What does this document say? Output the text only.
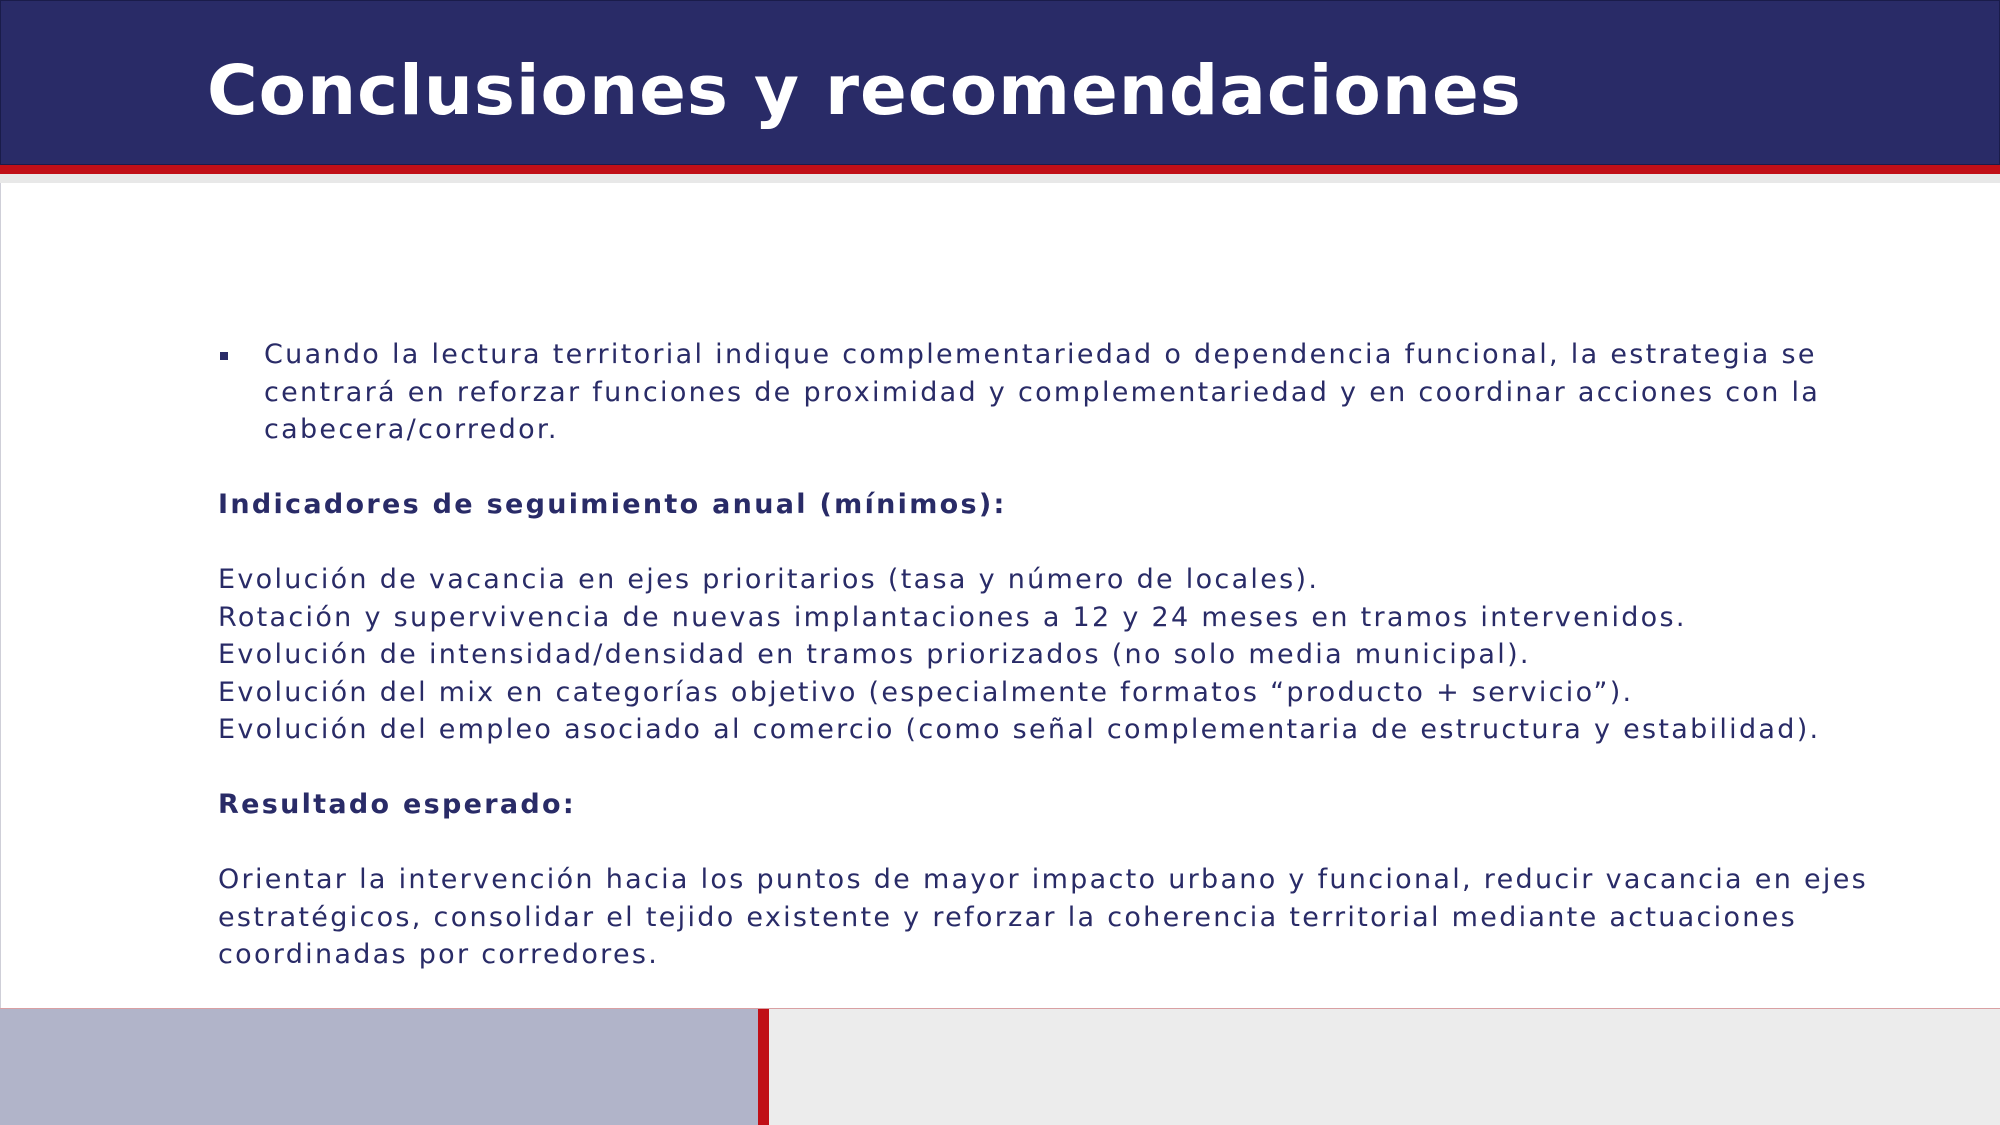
Conclusiones y recomendaciones
Cuando la lectura territorial indique complementariedad o dependencia funcional, la estrategia se centrará en reforzar funciones de proximidad y complementariedad y en coordinar acciones con la cabecera/corredor.

Indicadores de seguimiento anual (mínimos):

Evolución de vacancia en ejes prioritarios (tasa y número de locales).

Rotación y supervivencia de nuevas implantaciones a 12 y 24 meses en tramos intervenidos.

Evolución de intensidad/densidad en tramos priorizados (no solo media municipal).

Evolución del mix en categorías objetivo (especialmente formatos “producto + servicio”).

Evolución del empleo asociado al comercio (como señal complementaria de estructura y estabilidad).

Resultado esperado:

Orientar la intervención hacia los puntos de mayor impacto urbano y funcional, reducir vacancia en ejes estratégicos, consolidar el tejido existente y reforzar la coherencia territorial mediante actuaciones coordinadas por corredores.
